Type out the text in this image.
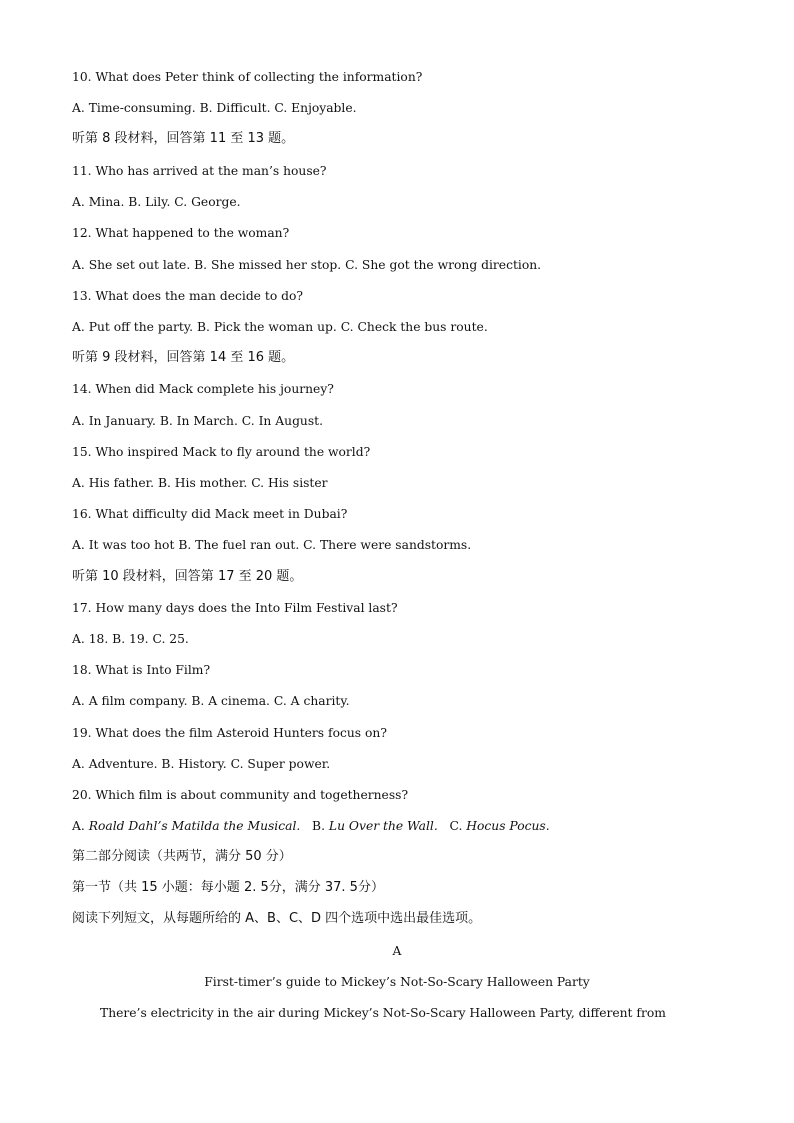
10. What does Peter think of collecting the information?
A. Time-consuming. B. Difficult. C. Enjoyable.
听第 8 段材料，回答第 11 至 13 题。
11. Who has arrived at the man’s house?
A. Mina. B. Lily. C. George.
12. What happened to the woman?
A. She set out late. B. She missed her stop. C. She got the wrong direction.
13. What does the man decide to do?
A. Put off the party. B. Pick the woman up. C. Check the bus route.
听第 9 段材料，回答第 14 至 16 题。
14. When did Mack complete his journey?
A. In January. B. In March. C. In August.
15. Who inspired Mack to fly around the world?
A. His father. B. His mother. C. His sister
16. What difficulty did Mack meet in Dubai?
A. It was too hot B. The fuel ran out. C. There were sandstorms.
听第 10 段材料，回答第 17 至 20 题。
17. How many days does the Into Film Festival last?
A. 18. B. 19. C. 25.
18. What is Into Film?
A. A film company. B. A cinema. C. A charity.
19. What does the film Asteroid Hunters focus on?
A. Adventure. B. History. C. Super power.
20. Which film is about community and togetherness?
A. Roald Dahl’s Matilda the Musical. B. Lu Over the Wall. C. Hocus Pocus.
第二部分阅读（共两节，满分 50 分）
第一节（共 15 小题：每小题 2. 5分，满分 37. 5分）
阅读下列短文，从每题所给的 A、B、C、D 四个选项中选出最佳选项。
A
First-timer’s guide to Mickey’s Not-So-Scary Halloween Party
There’s electricity in the air during Mickey’s Not-So-Scary Halloween Party, different from
